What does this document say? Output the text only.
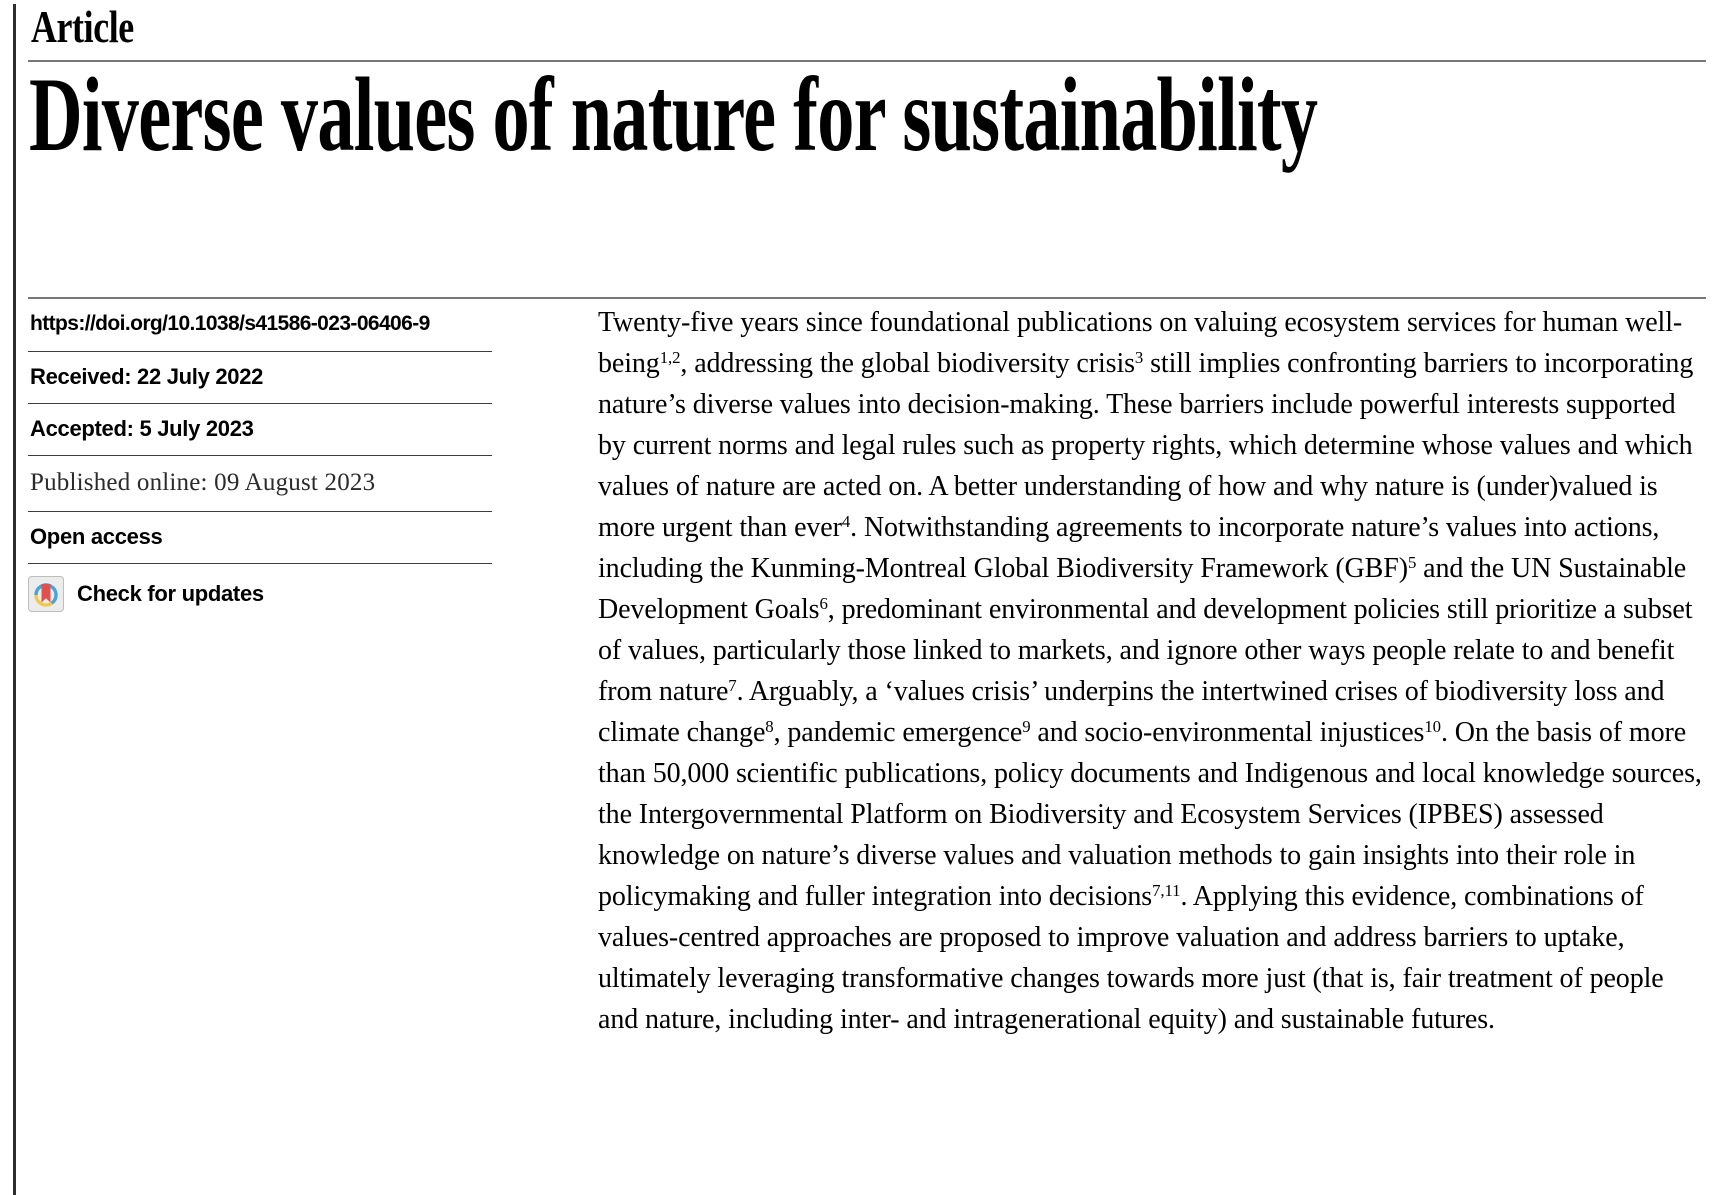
Article
Diverse values of nature for sustainability
https://doi.org/10.1038/s41586-023-06406-9
Received: 22 July 2022
Accepted: 5 July 2023
Published online: 09 August 2023
Open access
Check for updates

Twenty-five years since foundational publications on valuing ecosystem services for human well-being$^{1,2}$, addressing the global biodiversity crisis$^3$ still implies confronting barriers to incorporating nature’s diverse values into decision-making. These barriers include powerful interests supported by current norms and legal rules such as property rights, which determine whose values and which values of nature are acted on. A better understanding of how and why nature is (under)valued is more urgent than ever$^4$. Notwithstanding agreements to incorporate nature’s values into actions, including the Kunming-Montreal Global Biodiversity Framework (GBF)$^5$ and the UN Sustainable Development Goals$^6$, predominant environmental and development policies still prioritize a subset of values, particularly those linked to markets, and ignore other ways people relate to and benefit from nature$^7$. Arguably, a ‘values crisis’ underpins the intertwined crises of biodiversity loss and climate change$^8$, pandemic emergence$^9$ and socio-environmental injustices$^{10}$. On the basis of more than 50,000 scientific publications, policy documents and Indigenous and local knowledge sources, the Intergovernmental Platform on Biodiversity and Ecosystem Services (IPBES) assessed knowledge on nature’s diverse values and valuation methods to gain insights into their role in policymaking and fuller integration into decisions$^{7,11}$. Applying this evidence, combinations of values-centred approaches are proposed to improve valuation and address barriers to uptake, ultimately leveraging transformative changes towards more just (that is, fair treatment of people and nature, including inter- and intragenerational equity) and sustainable futures.
